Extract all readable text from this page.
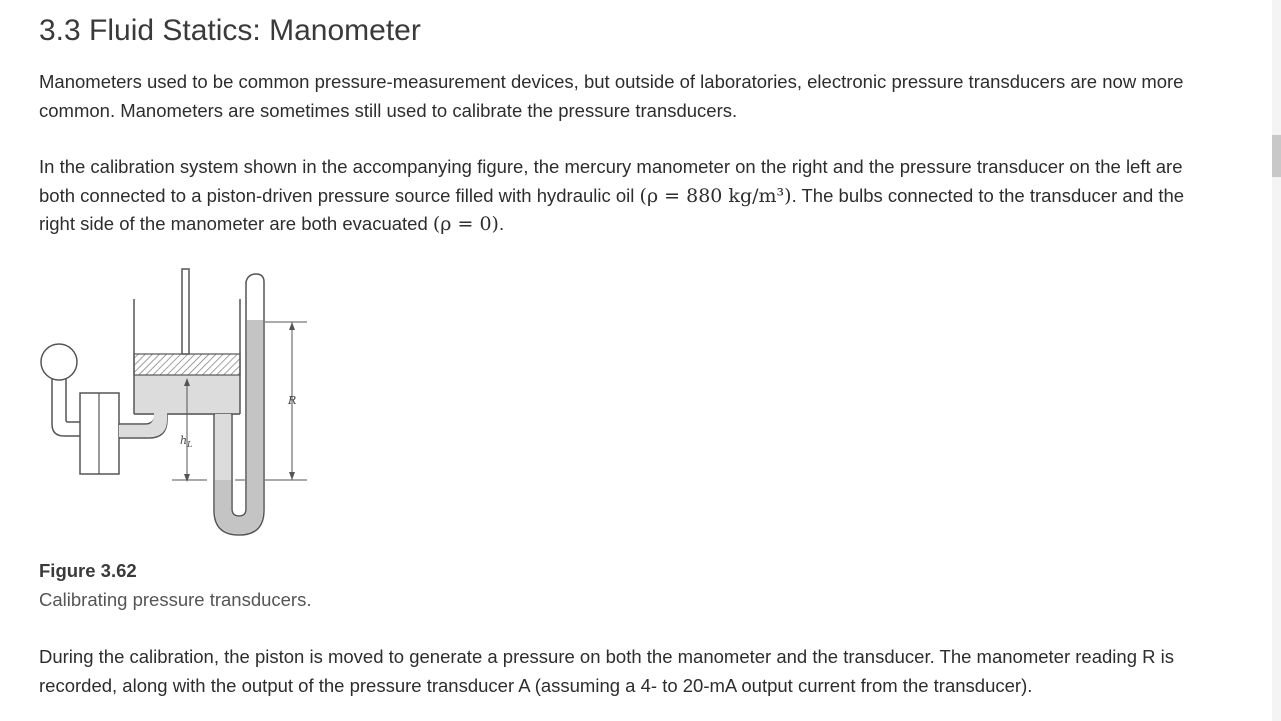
3.3 Fluid Statics: Manometer

Manometers used to be common pressure-measurement devices, but outside of laboratories, electronic pressure transducers are now more common. Manometers are sometimes still used to calibrate the pressure transducers.

In the calibration system shown in the accompanying figure, the mercury manometer on the right and the pressure transducer on the left are both connected to a piston-driven pressure source filled with hydraulic oil (ρ = 880 kg/m³). The bulbs connected to the transducer and the right side of the manometer are both evacuated (ρ = 0).

$h_L$
R

Figure 3.62

Calibrating pressure transducers.

During the calibration, the piston is moved to generate a pressure on both the manometer and the transducer. The manometer reading R is recorded, along with the output of the pressure transducer A (assuming a 4- to 20-mA output current from the transducer).
